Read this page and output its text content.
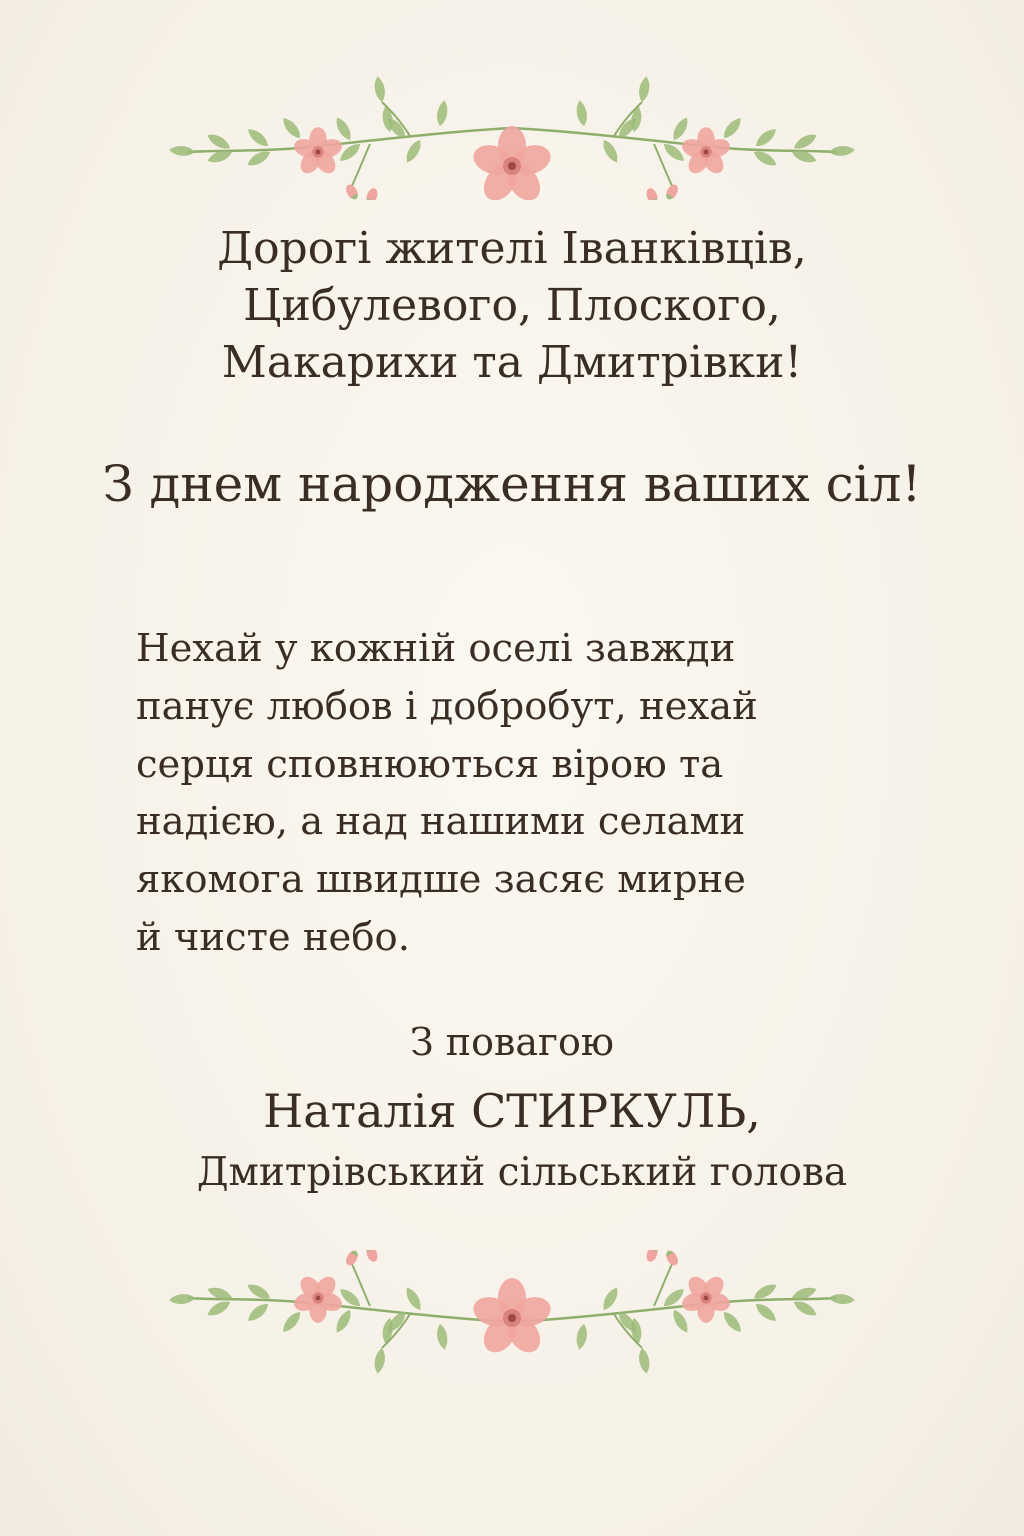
Дорогі жителі Іванківців,
Цибулевого, Плоского,
Макарихи та Дмитрівки!
З днем народження ваших сіл!
Нехай у кожній оселі завжди
панує любов і добробут, нехай
серця сповнюються вірою та
надією, а над нашими селами
якомога швидше засяє мирне
й чисте небо.
З повагою
Наталія СТИРКУЛЬ,
Дмитрівський сільський голова
